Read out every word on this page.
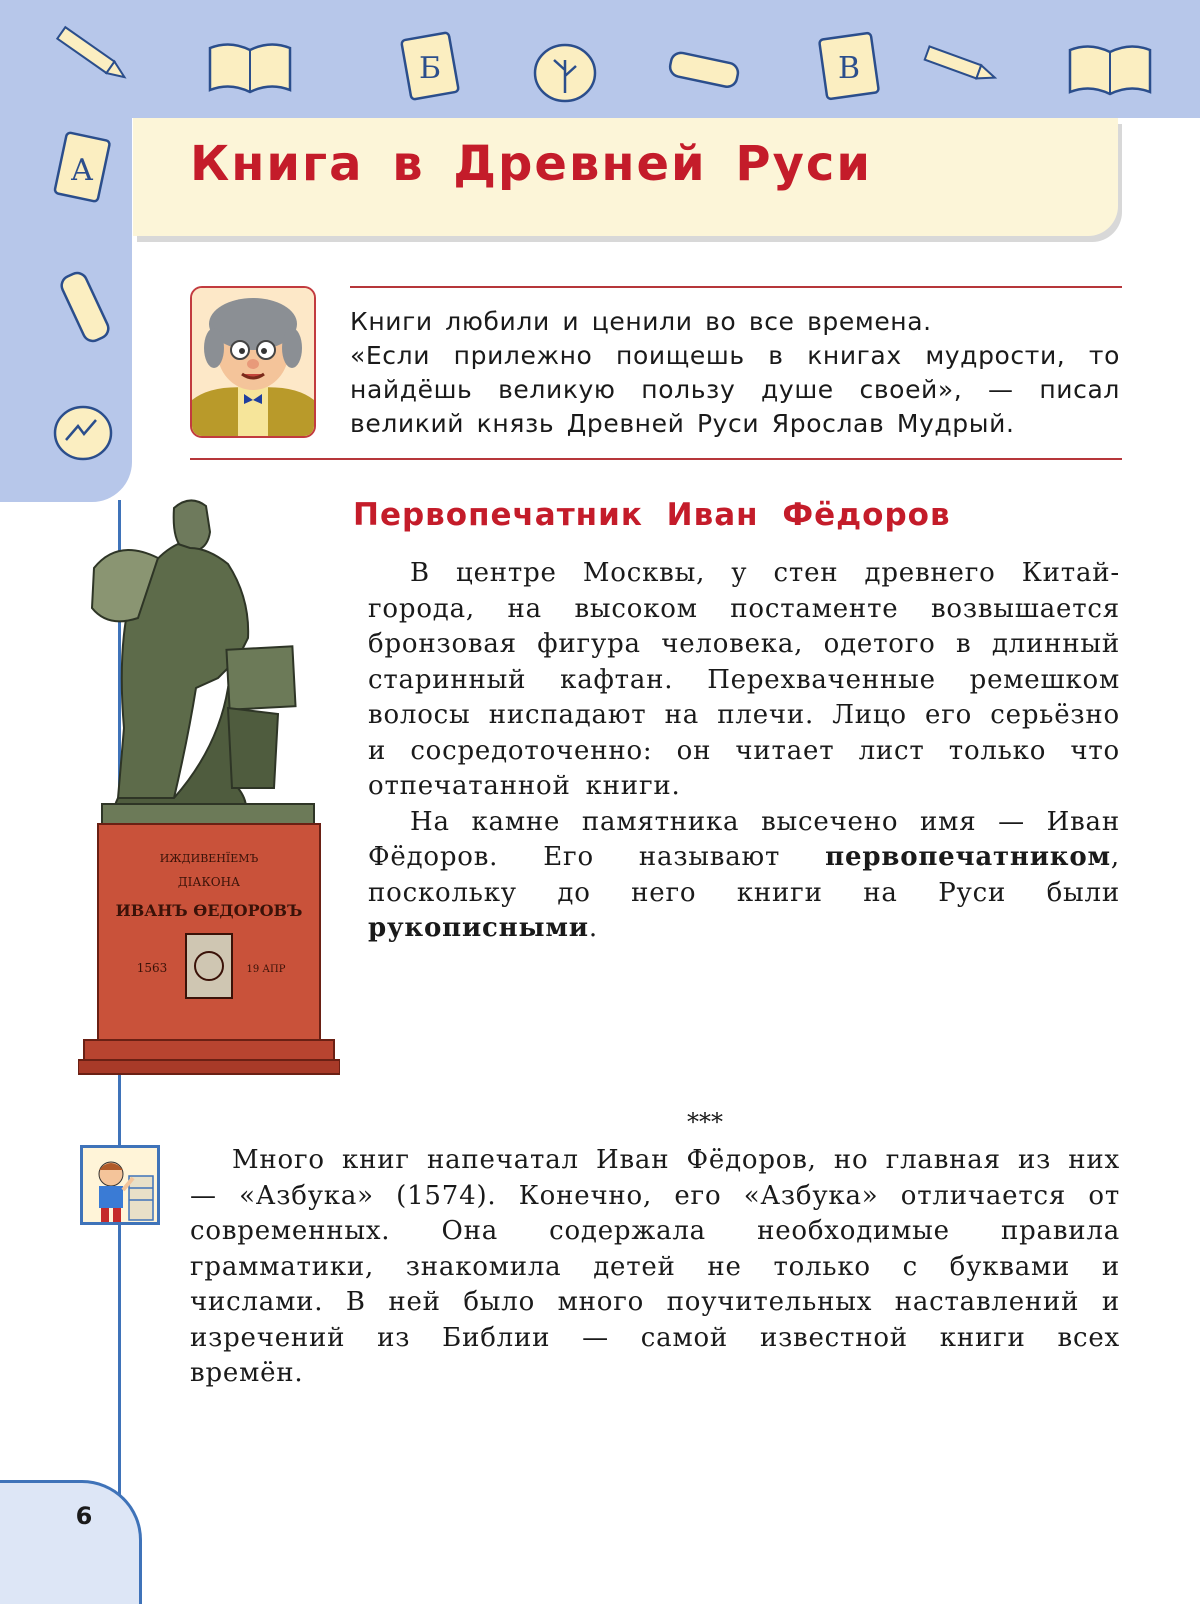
Б	В
А Книга в Древней Руси

Книги любили и ценили во все времена.

«Если прилежно поищешь в книгах мудрости, то найдёшь великую пользу душе своей», — писал великий князь Древней Руси Ярослав Мудрый.

ИЖДИВЕНЇЕМЪ
ДІАКОНА
ИВАНЪ ѲЕДОРОВЪ
1563	19 АПР
Первопечатник Иван Фёдоров

В центре Москвы, у стен древнего Китай-города, на высоком постаменте возвышается бронзовая фигура человека, одетого в длинный старинный кафтан. Перехваченные ремешком волосы ниспадают на плечи. Лицо его серьёзно и сосредоточенно: он читает лист только что отпечатанной книги.

На камне памятника высечено имя — Иван Фёдоров. Его называют первопечатником, поскольку до него книги на Руси были рукописными.

***

Много книг напечатал Иван Фёдоров, но главная из них — «Азбука» (1574). Конечно, его «Азбука» отличается от современных. Она содержала необходимые правила грамматики, знакомила детей не только с буквами и числами. В ней было много поучительных наставлений и изречений из Библии — самой известной книги всех времён.

6
